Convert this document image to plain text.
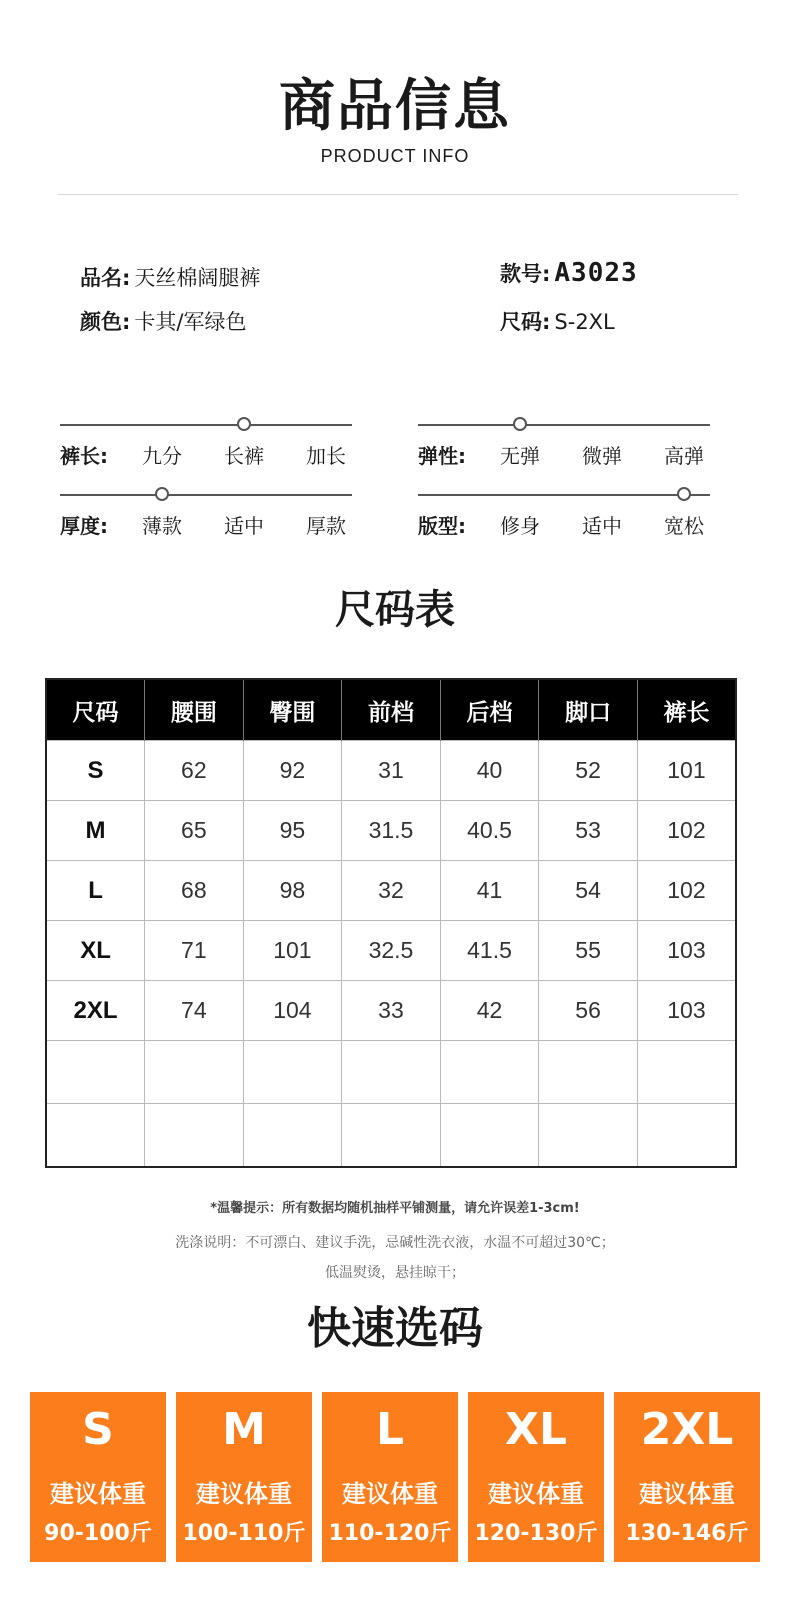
商品信息
PRODUCT INFO
品名: 天丝棉阔腿裤
颜色: 卡其/军绿色
款号: A3023
尺码: S-2XL
裤长: 九分 长裤 加长	弹性: 无弹 微弹 高弹
厚度: 薄款 适中 厚款	版型: 修身 适中 宽松
尺码表
尺码	腰围	臀围	前档	后档	脚口	裤长
S	62	92	31	40	52	101
M	65	95	31.5	40.5	53	102
L	68	98	32	41	54	102
XL	71	101	32.5	41.5	55	103
2XL	74	104	33	42	56	103

*温馨提示：所有数据均随机抽样平铺测量，请允许误差1-3cm!
洗涤说明：不可漂白、建议手洗，忌碱性洗衣液，水温不可超过30℃；
低温熨烫，悬挂晾干；
快速选码
S
建议体重
90-100斤
M
建议体重
100-110斤
L
建议体重
110-120斤
XL
建议体重
120-130斤
2XL
建议体重
130-146斤
